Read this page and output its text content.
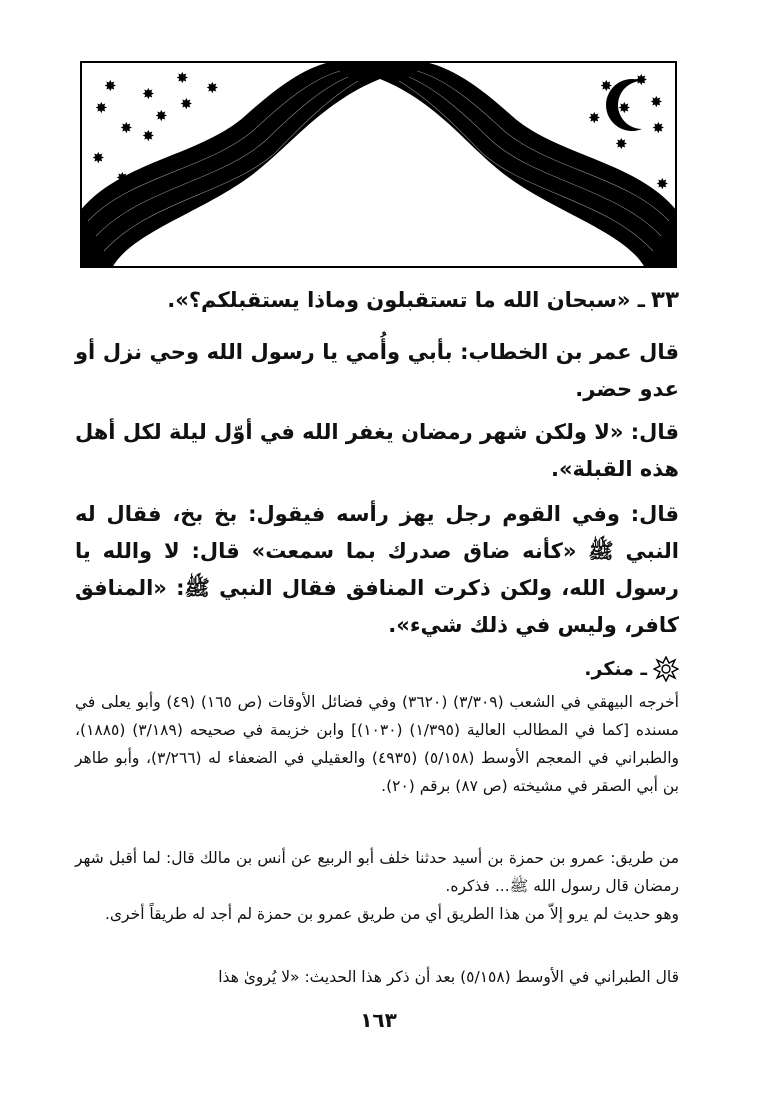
✸ ✸
✸
✸
✸	✸
✸
✸ ✸
✸
✸
✸
✸
✸
✸
✸
✸
✸
✸
٣٣ـ «سبحان الله ما تستقبلون وماذا يستقبلكم؟».
قال عمر بن الخطاب: بأبي وأُمي يا رسول الله وحي نزل أو عدو حضر.
قال: «لا ولكن شهر رمضان يغفر الله في أوّل ليلة لكل أهل هذه القبلة».
قال: وفي القوم رجل يهز رأسه فيقول: بخ بخ، فقال له النبي ﷺ «كأنه ضاق صدرك بما سمعت» قال: لا والله يا رسول الله، ولكن ذكرت المنافق فقال النبي ﷺ: «المنافق كافر، وليس في ذلك شيء».
ـ منكر.
أخرجه البيهقي في الشعب (٣/٣٠٩) (٣٦٢٠) وفي فضائل الأوقات (ص ١٦٥) (٤٩) وأبو يعلى في مسنده [كما في المطالب العالية (١/٣٩٥) (١٠٣٠)] وابن خزيمة في صحيحه (٣/١٨٩) (١٨٨٥)، والطبراني في المعجم الأوسط (٥/١٥٨) (٤٩٣٥) والعقيلي في الضعفاء له (٣/٢٦٦)، وأبو طاهر بن أبي الصقر في مشيخته (ص ٨٧) برقم (٢٠).
من طريق: عمرو بن حمزة بن أسيد حدثنا خلف أبو الربيع عن أنس بن مالك قال: لما أقبل شهر رمضان قال رسول الله ﷺ... فذكره.
وهو حديث لم يرو إلاّ من هذا الطريق أي من طريق عمرو بن حمزة لم أجد له طريقاً أخرى.
قال الطبراني في الأوسط (٥/١٥٨) بعد أن ذكر هذا الحديث: «لا يُروىٰ هذا
١٦٣
